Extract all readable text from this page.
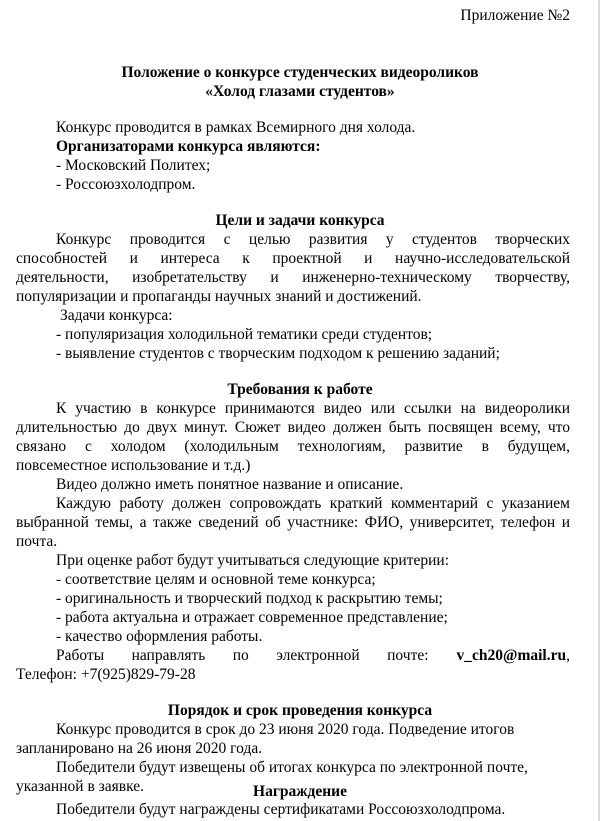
Приложение №2
Положение о конкурсе студенческих видеороликов
«Холод глазами студентов»
Конкурс проводится в рамках Всемирного дня холода.
Организаторами конкурса являются:
- Московский Политех;
- Россоюзхолодпром.
Цели и задачи конкурса
Конкурс проводится с целью развития у студентов творческих
способностей и интереса к проектной и научно-исследовательской
деятельности, изобретательству и инженерно-техническому творчеству,
популяризации и пропаганды научных знаний и достижений.
Задачи конкурса:
- популяризация холодильной тематики среди студентов;
- выявление студентов с творческим подходом к решению заданий;
Требования к работе
К участию в конкурсе принимаются видео или ссылки на видеоролики
длительностью до двух минут. Сюжет видео должен быть посвящен всему, что
связано с холодом (холодильным технологиям, развитие в будущем,
повсеместное использование и т.д.)
Видео должно иметь понятное название и описание.
Каждую работу должен сопровождать краткий комментарий с указанием
выбранной темы, а также сведений об участнике: ФИО, университет, телефон и
почта.
При оценке работ будут учитываться следующие критерии:
- соответствие целям и основной теме конкурса;
- оригинальность и творческий подход к раскрытию темы;
- работа актуальна и отражает современное представление;
- качество оформления работы.
Работы направлять по электронной почте: v_ch20@mail.ru,
Телефон: +7(925)829-79-28
Порядок и срок проведения конкурса
Конкурс проводится в срок до 23 июня 2020 года. Подведение итогов
запланировано на 26 июня 2020 года.
Победители будут извещены об итогах конкурса по электронной почте,
указанной в заявке.	Награждение
Победители будут награждены сертификатами Россоюзхолодпрома.
